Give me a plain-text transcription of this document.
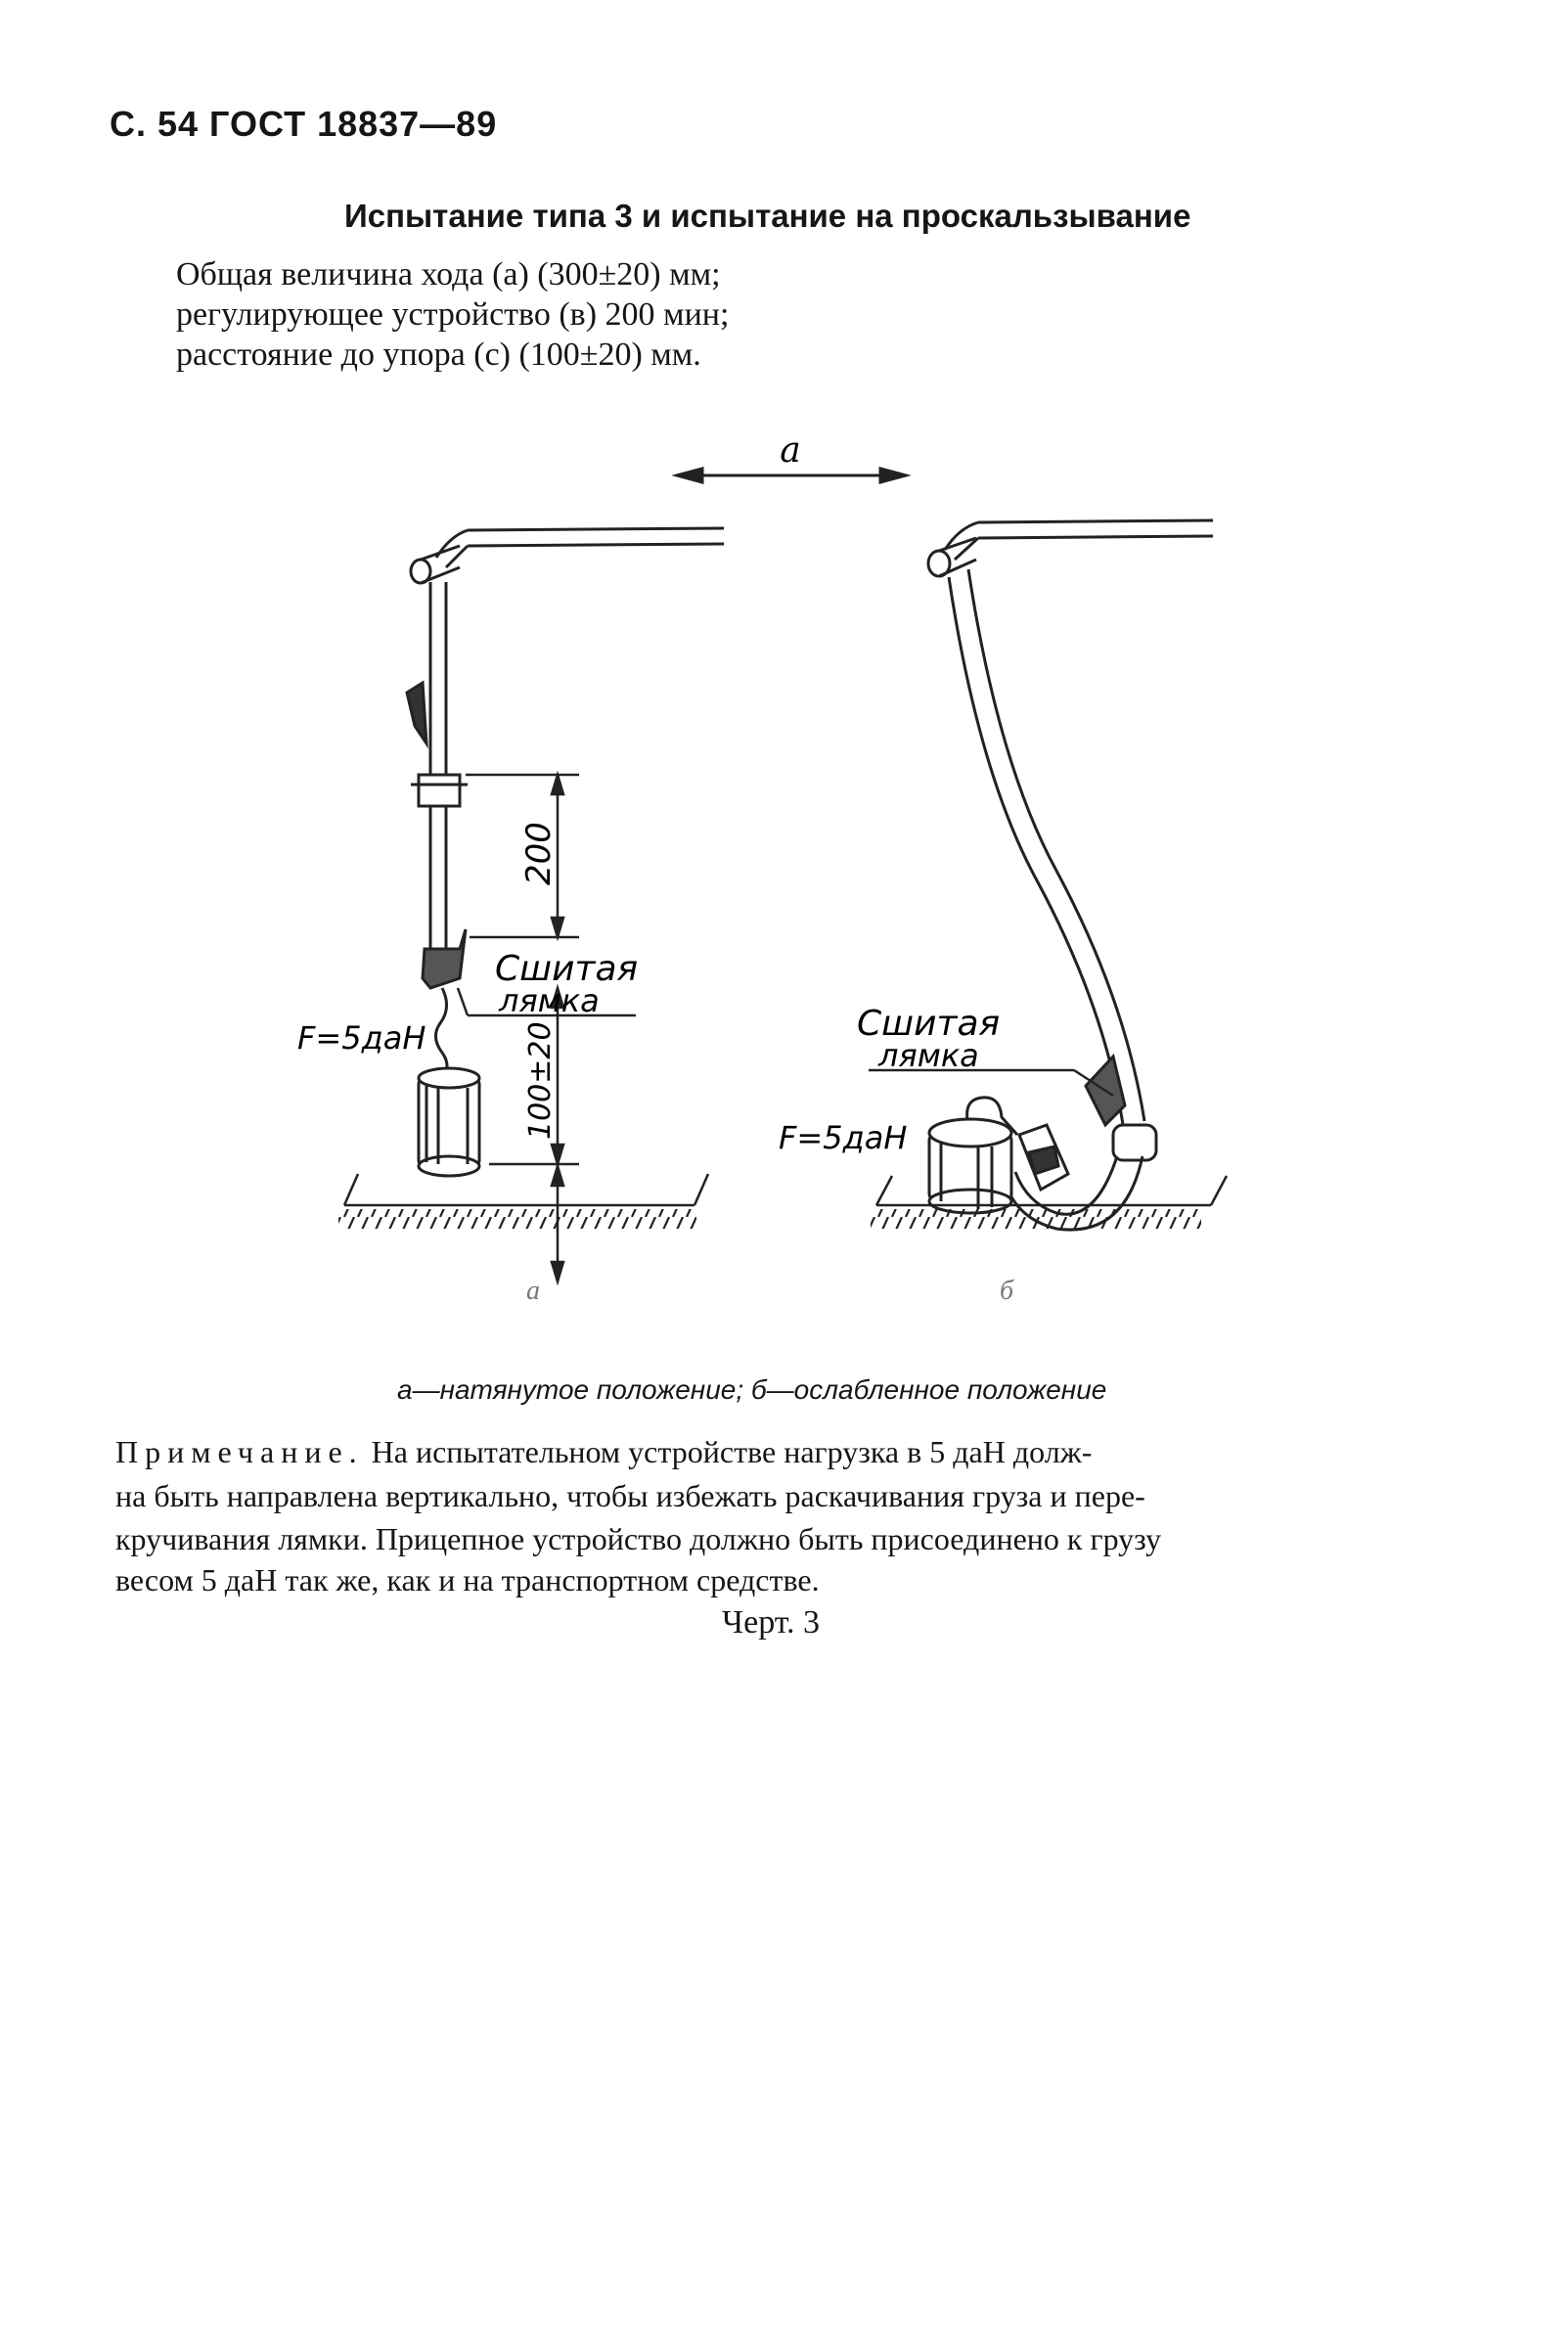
С. 54 ГОСТ 18837—89
Испытание типа 3 и испытание на проскальзывание
Общая величина хода (a) (300±20) мм;
регулирующее устройство (в) 200 мин;
расстояние до упора (с) (100±20) мм.
a
200
100±20
Сшитая
лямка
F=5даН
а
Сшитая
лямка
F=5даН
б
а—натянутое положение; б—ослабленное положение
Примечание. На испытательном устройстве нагрузка в 5 даН долж-
на быть направлена вертикально, чтобы избежать раскачивания груза и пере-
кручивания лямки. Прицепное устройство должно быть присоединено к грузу
весом 5 даН так же, как и на транспортном средстве.
Черт. 3
